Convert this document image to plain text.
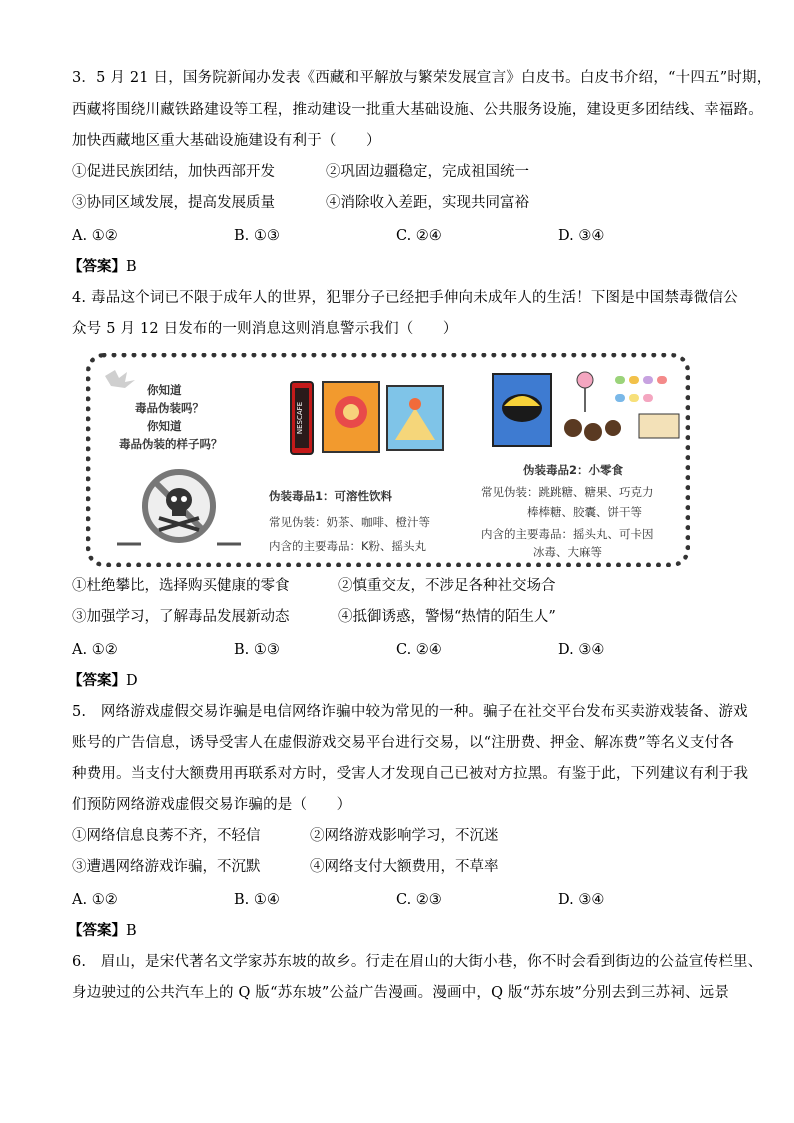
3．5 月 21 日，国务院新闻办发表《西藏和平解放与繁荣发展宣言》白皮书。白皮书介绍，“十四五”时期，
西藏将围绕川藏铁路建设等工程，推动建设一批重大基础设施、公共服务设施，建设更多团结线、幸福路。
加快西藏地区重大基础设施建设有利于（　　）
①促进民族团结，加快西部开发	②巩固边疆稳定，完成祖国统一
③协同区域发展，提高发展质量	④消除收入差距，实现共同富裕
A. ①②	B. ①③	C. ②④	D. ③④
【答案】B
4. 毒品这个词已不限于成年人的世界，犯罪分子已经把手伸向未成年人的生活！下图是中国禁毒微信公
众号 5 月 12 日发布的一则消息这则消息警示我们（　　）
你知道
毒品伪装吗？
你知道
毒品伪装的样子吗？
NESCAFE
伪装毒品1：可溶性饮料
常见伪装：奶茶、咖啡、橙汁等
内含的主要毒品：K粉、摇头丸
伪装毒品2：小零食
常见伪装：跳跳糖、糖果、巧克力
棒棒糖、胶囊、饼干等
内含的主要毒品：摇头丸、可卡因
冰毒、大麻等
①杜绝攀比，选择购买健康的零食	②慎重交友，不涉足各种社交场合
③加强学习，了解毒品发展新动态	④抵御诱惑，警惕“热情的陌生人”
A. ①②	B. ①③	C. ②④	D. ③④
【答案】D
5.　网络游戏虚假交易诈骗是电信网络诈骗中较为常见的一种。骗子在社交平台发布买卖游戏装备、游戏
账号的广告信息，诱导受害人在虚假游戏交易平台进行交易，以“注册费、押金、解冻费”等名义支付各
种费用。当支付大额费用再联系对方时，受害人才发现自己已被对方拉黑。有鉴于此，下列建议有利于我
们预防网络游戏虚假交易诈骗的是（　　）
①网络信息良莠不齐，不轻信	②网络游戏影响学习，不沉迷
③遭遇网络游戏诈骗，不沉默	④网络支付大额费用，不草率
A. ①②	B. ①④	C. ②③	D. ③④
【答案】B
6.　眉山，是宋代著名文学家苏东坡的故乡。行走在眉山的大街小巷，你不时会看到街边的公益宣传栏里、
身边驶过的公共汽车上的 Q 版“苏东坡”公益广告漫画。漫画中，Q 版“苏东坡”分别去到三苏祠、远景
